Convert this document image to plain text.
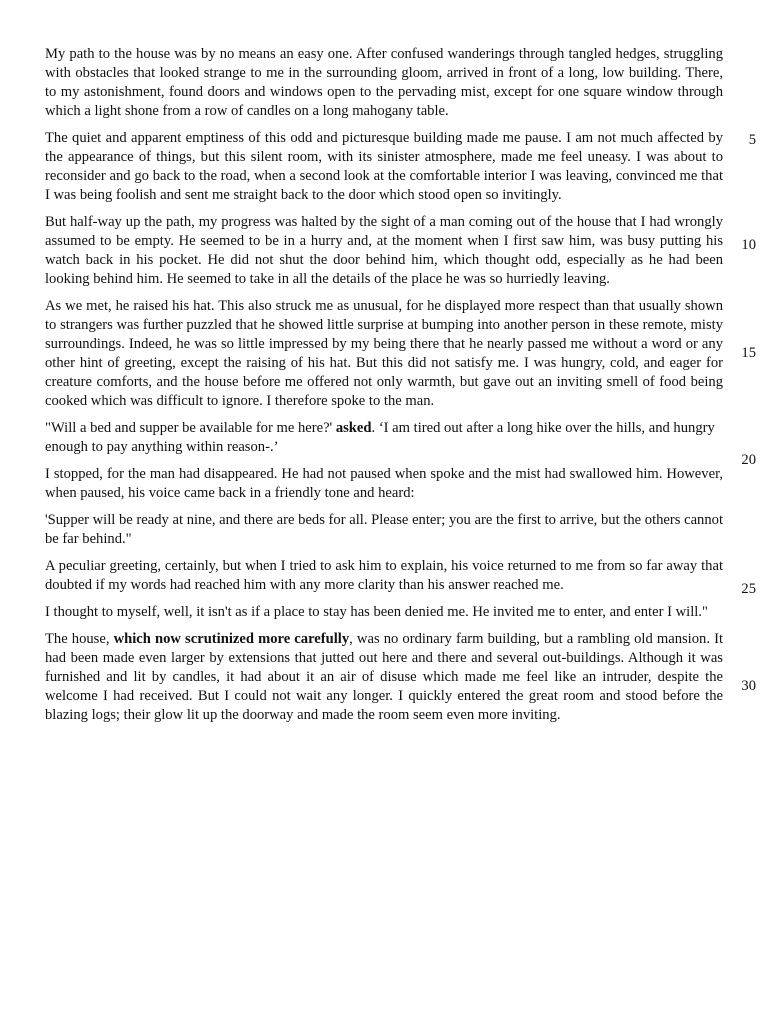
My path to the house was by no means an easy one. After confused wanderings through tangled hedges, struggling with obstacles that looked strange to me in the surrounding gloom, arrived in front of a long, low building. There, to my astonishment, found doors and windows open to the pervading mist, except for one square window through which a light shone from a row of candles on a long mahogany table.

The quiet and apparent emptiness of this odd and picturesque building made me pause. I am not much affected by the appearance of things, but this silent room, with its sinister atmosphere, made me feel uneasy. I was about to reconsider and go back to the road, when a second look at the comfortable interior I was leaving, convinced me that I was being foolish and sent me straight back to the door which stood open so invitingly.

But half-way up the path, my progress was halted by the sight of a man coming out of the house that I had wrongly assumed to be empty. He seemed to be in a hurry and, at the moment when I first saw him, was busy putting his watch back in his pocket. He did not shut the door behind him, which thought odd, especially as he had been looking behind him. He seemed to take in all the details of the place he was so hurriedly leaving.

As we met, he raised his hat. This also struck me as unusual, for he displayed more respect than that usually shown to strangers was further puzzled that he showed little surprise at bumping into another person in these remote, misty surroundings. Indeed, he was so little impressed by my being there that he nearly passed me without a word or any other hint of greeting, except the raising of his hat. But this did not satisfy me. I was hungry, cold, and eager for creature comforts, and the house before me offered not only warmth, but gave out an inviting smell of food being cooked which was difficult to ignore. I therefore spoke to the man.

"Will a bed and supper be available for me here?' asked. ‘I am tired out after a long hike over the hills, and hungry enough to pay anything within reason-.’

I stopped, for the man had disappeared. He had not paused when spoke and the mist had swallowed him. However, when paused, his voice came back in a friendly tone and heard:

'Supper will be ready at nine, and there are beds for all. Please enter; you are the first to arrive, but the others cannot be far behind."

A peculiar greeting, certainly, but when I tried to ask him to explain, his voice returned to me from so far away that doubted if my words had reached him with any more clarity than his answer reached me.

I thought to myself, well, it isn't as if a place to stay has been denied me. He invited me to enter, and enter I will."

The house, which now scrutinized more carefully, was no ordinary farm building, but a rambling old mansion. It had been made even larger by extensions that jutted out here and there and several out-buildings. Although it was furnished and lit by candles, it had about it an air of disuse which made me feel like an intruder, despite the welcome I had received. But I could not wait any longer. I quickly entered the great room and stood before the blazing logs; their glow lit up the doorway and made the room seem even more inviting.

5
10
15
20
25
30
